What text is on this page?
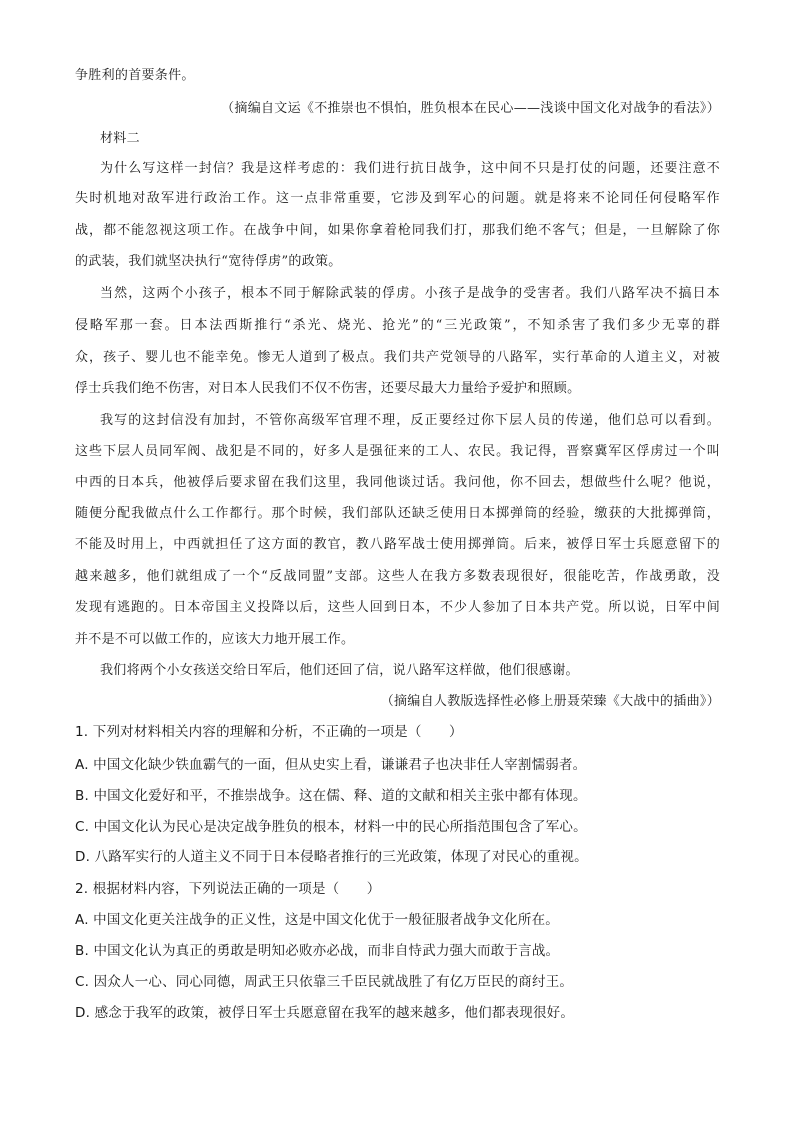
争胜利的首要条件。
（摘编自文运《不推崇也不惧怕，胜负根本在民心——浅谈中国文化对战争的看法》）
材料二
为什么写这样一封信？我是这样考虑的：我们进行抗日战争，这中间不只是打仗的问题，还要注意不
失时机地对敌军进行政治工作。这一点非常重要，它涉及到军心的问题。就是将来不论同任何侵略军作
战，都不能忽视这项工作。在战争中间，如果你拿着枪同我们打，那我们绝不客气；但是，一旦解除了你
的武装，我们就坚决执行“宽待俘虏”的政策。
当然，这两个小孩子，根本不同于解除武装的俘虏。小孩子是战争的受害者。我们八路军决不搞日本
侵略军那一套。日本法西斯推行“杀光、烧光、抢光”的“三光政策”，不知杀害了我们多少无辜的群
众，孩子、婴儿也不能幸免。惨无人道到了极点。我们共产党领导的八路军，实行革命的人道主义，对被
俘士兵我们绝不伤害，对日本人民我们不仅不伤害，还要尽最大力量给予爱护和照顾。
我写的这封信没有加封，不管你高级军官理不理，反正要经过你下层人员的传递，他们总可以看到。
这些下层人员同军阀、战犯是不同的，好多人是强征来的工人、农民。我记得，晋察冀军区俘虏过一个叫
中西的日本兵，他被俘后要求留在我们这里，我同他谈过话。我问他，你不回去，想做些什么呢？他说，
随便分配我做点什么工作都行。那个时候，我们部队还缺乏使用日本掷弹筒的经验，缴获的大批掷弹筒，
不能及时用上，中西就担任了这方面的教官，教八路军战士使用掷弹筒。后来，被俘日军士兵愿意留下的
越来越多，他们就组成了一个“反战同盟”支部。这些人在我方多数表现很好，很能吃苦，作战勇敢，没
发现有逃跑的。日本帝国主义投降以后，这些人回到日本，不少人参加了日本共产党。所以说，日军中间
并不是不可以做工作的，应该大力地开展工作。
我们将两个小女孩送交给日军后，他们还回了信，说八路军这样做，他们很感谢。
（摘编自人教版选择性必修上册聂荣臻《大战中的插曲》）
1. 下列对材料相关内容的理解和分析，不正确的一项是（　　）
A. 中国文化缺少铁血霸气的一面，但从史实上看，谦谦君子也决非任人宰割懦弱者。
B. 中国文化爱好和平，不推崇战争。这在儒、释、道的文献和相关主张中都有体现。
C. 中国文化认为民心是决定战争胜负的根本，材料一中的民心所指范围包含了军心。
D. 八路军实行的人道主义不同于日本侵略者推行的三光政策，体现了对民心的重视。
2. 根据材料内容，下列说法正确的一项是（　　）
A. 中国文化更关注战争的正义性，这是中国文化优于一般征服者战争文化所在。
B. 中国文化认为真正的勇敢是明知必败亦必战，而非自恃武力强大而敢于言战。
C. 因众人一心、同心同德，周武王只依靠三千臣民就战胜了有亿万臣民的商纣王。
D. 感念于我军的政策，被俘日军士兵愿意留在我军的越来越多，他们都表现很好。
